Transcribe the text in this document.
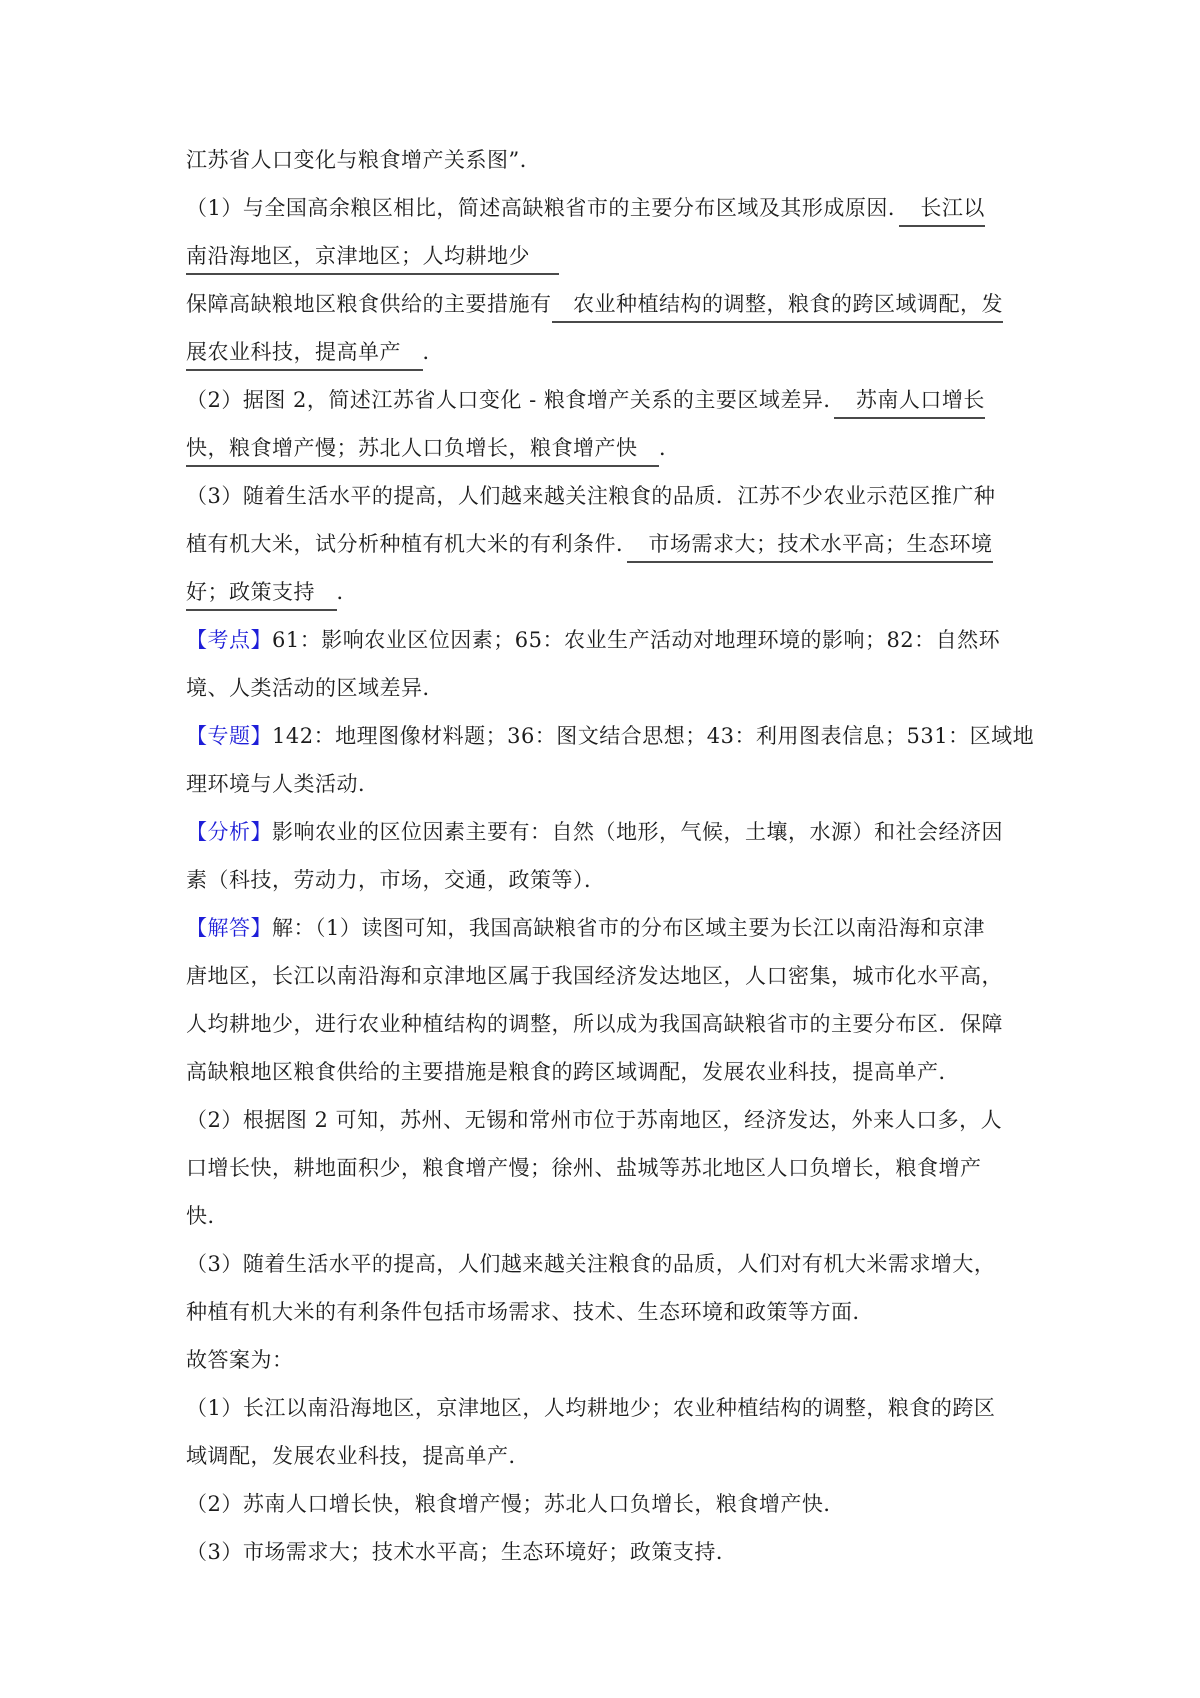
江苏省人口变化与粮食增产关系图”．
（1）与全国高余粮区相比，简述高缺粮省市的主要分布区域及其形成原因．　长江以
南沿海地区，京津地区；人均耕地少　
保障高缺粮地区粮食供给的主要措施有　农业种植结构的调整，粮食的跨区域调配，发
展农业科技，提高单产　．
（2）据图 2，简述江苏省人口变化 - 粮食增产关系的主要区域差异．　苏南人口增长
快，粮食增产慢；苏北人口负增长，粮食增产快　．
（3）随着生活水平的提高，人们越来越关注粮食的品质．江苏不少农业示范区推广种
植有机大米，试分析种植有机大米的有利条件．　市场需求大；技术水平高；生态环境
好；政策支持　．
【考点】61：影响农业区位因素；65：农业生产活动对地理环境的影响；82：自然环
境、人类活动的区域差异．
【专题】142：地理图像材料题；36：图文结合思想；43：利用图表信息；531：区域地
理环境与人类活动．
【分析】影响农业的区位因素主要有：自然（地形，气候，土壤，水源）和社会经济因
素（科技，劳动力，市场，交通，政策等）．
【解答】解：（1）读图可知，我国高缺粮省市的分布区域主要为长江以南沿海和京津
唐地区，长江以南沿海和京津地区属于我国经济发达地区，人口密集，城市化水平高，
人均耕地少，进行农业种植结构的调整，所以成为我国高缺粮省市的主要分布区．保障
高缺粮地区粮食供给的主要措施是粮食的跨区域调配，发展农业科技，提高单产．
（2）根据图 2 可知，苏州、无锡和常州市位于苏南地区，经济发达，外来人口多，人
口增长快，耕地面积少，粮食增产慢；徐州、盐城等苏北地区人口负增长，粮食增产
快．
（3）随着生活水平的提高，人们越来越关注粮食的品质，人们对有机大米需求增大，
种植有机大米的有利条件包括市场需求、技术、生态环境和政策等方面．
故答案为：
（1）长江以南沿海地区，京津地区，人均耕地少；农业种植结构的调整，粮食的跨区
域调配，发展农业科技，提高单产．
（2）苏南人口增长快，粮食增产慢；苏北人口负增长，粮食增产快．
（3）市场需求大；技术水平高；生态环境好；政策支持．
